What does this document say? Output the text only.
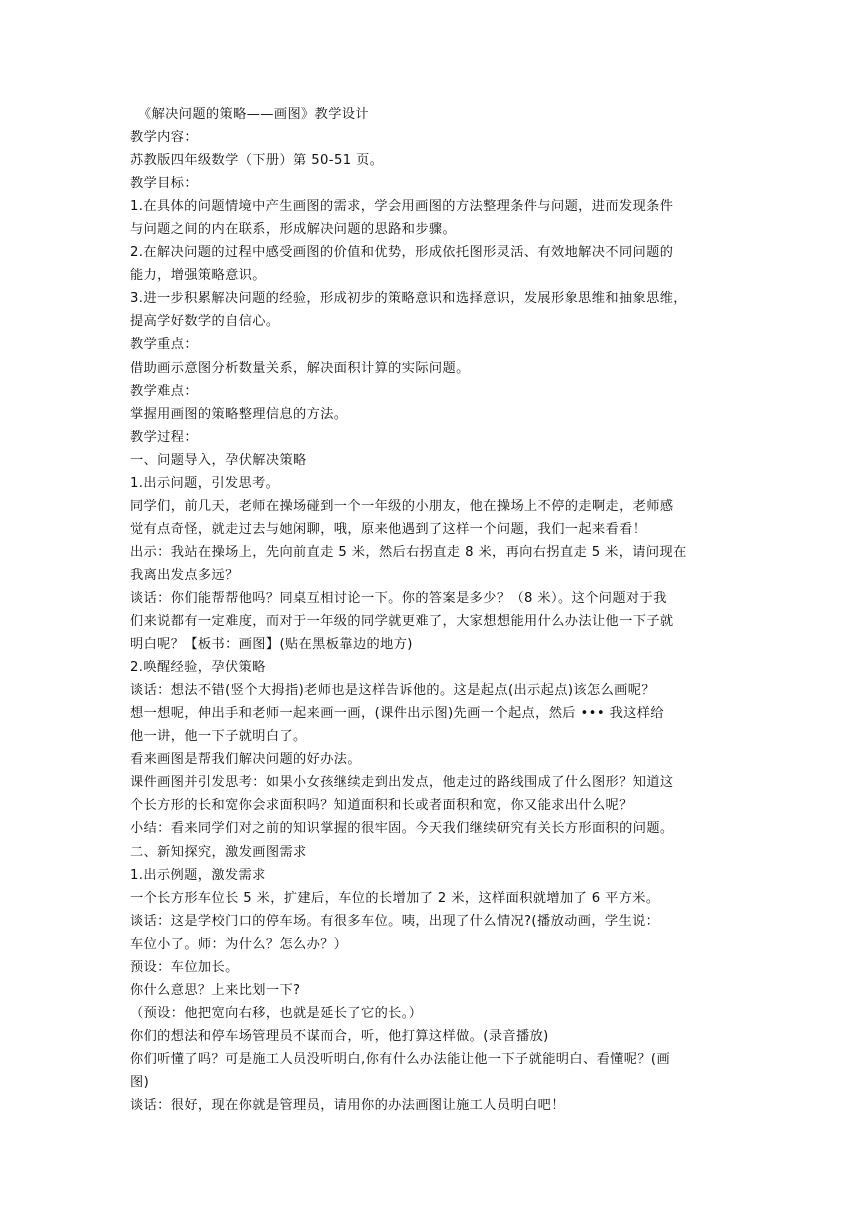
《解决问题的策略——画图》教学设计
教学内容：
苏教版四年级数学（下册）第 50-51 页。
教学目标：
1.在具体的问题情境中产生画图的需求，学会用画图的方法整理条件与问题，进而发现条件
与问题之间的内在联系，形成解决问题的思路和步骤。
2.在解决问题的过程中感受画图的价值和优势，形成依托图形灵活、有效地解决不同问题的
能力，增强策略意识。
3.进一步积累解决问题的经验，形成初步的策略意识和选择意识，发展形象思维和抽象思维，
提高学好数学的自信心。
教学重点：
借助画示意图分析数量关系，解决面积计算的实际问题。
教学难点：
掌握用画图的策略整理信息的方法。
教学过程：
一、问题导入，孕伏解决策略
1.出示问题，引发思考。
同学们，前几天，老师在操场碰到一个一年级的小朋友，他在操场上不停的走啊走，老师感
觉有点奇怪，就走过去与她闲聊，哦，原来他遇到了这样一个问题，我们一起来看看！
出示：我站在操场上，先向前直走 5 米，然后右拐直走 8 米，再向右拐直走 5 米，请问现在
我离出发点多远？
谈话：你们能帮帮他吗？同桌互相讨论一下。你的答案是多少？（8 米）。这个问题对于我
们来说都有一定难度，而对于一年级的同学就更难了，大家想想能用什么办法让他一下子就
明白呢？【板书：画图】(贴在黑板靠边的地方)
2.唤醒经验，孕伏策略
谈话：想法不错(竖个大拇指)老师也是这样告诉他的。这是起点(出示起点)该怎么画呢？
想一想呢，伸出手和老师一起来画一画，(课件出示图)先画一个起点，然后 ••• 我这样给
他一讲，他一下子就明白了。
看来画图是帮我们解决问题的好办法。
课件画图并引发思考：如果小女孩继续走到出发点，他走过的路线围成了什么图形？知道这
个长方形的长和宽你会求面积吗？知道面积和长或者面积和宽，你又能求出什么呢？
小结：看来同学们对之前的知识掌握的很牢固。今天我们继续研究有关长方形面积的问题。
二、新知探究，激发画图需求
1.出示例题，激发需求
一个长方形车位长 5 米，扩建后，车位的长增加了 2 米，这样面积就增加了 6 平方米。
谈话：这是学校门口的停车场。有很多车位。咦，出现了什么情况?(播放动画，学生说：
车位小了。师：为什么？怎么办？）
预设：车位加长。
你什么意思？上来比划一下?
（预设：他把宽向右移，也就是延长了它的长。）
你们的想法和停车场管理员不谋而合，听，他打算这样做。(录音播放)
你们听懂了吗？可是施工人员没听明白,你有什么办法能让他一下子就能明白、看懂呢？(画
图)
谈话：很好，现在你就是管理员，请用你的办法画图让施工人员明白吧！
